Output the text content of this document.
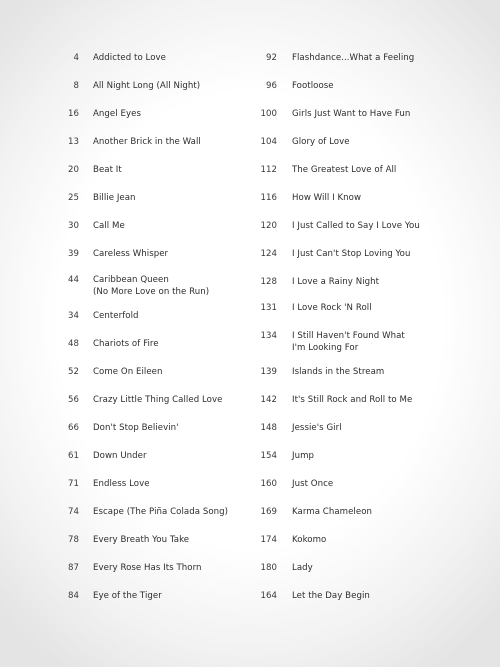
4 Addicted to Love
8 All Night Long (All Night)
16 Angel Eyes
13 Another Brick in the Wall
20 Beat It
25 Billie Jean
30 Call Me
39 Careless Whisper
44 Caribbean Queen
(No More Love on the Run)
34 Centerfold
48 Chariots of Fire
52 Come On Eileen
56 Crazy Little Thing Called Love
66 Don't Stop Believin'
61 Down Under
71 Endless Love
74 Escape (The Piña Colada Song)
78 Every Breath You Take
87 Every Rose Has Its Thorn
84 Eye of the Tiger
92 Flashdance...What a Feeling
96 Footloose
100 Girls Just Want to Have Fun
104 Glory of Love
112 The Greatest Love of All
116 How Will I Know
120 I Just Called to Say I Love You
124 I Just Can't Stop Loving You
128 I Love a Rainy Night
131 I Love Rock 'N Roll
134 I Still Haven't Found What
I'm Looking For
139 Islands in the Stream
142 It's Still Rock and Roll to Me
148 Jessie's Girl
154 Jump
160 Just Once
169 Karma Chameleon
174 Kokomo
180 Lady
164 Let the Day Begin
